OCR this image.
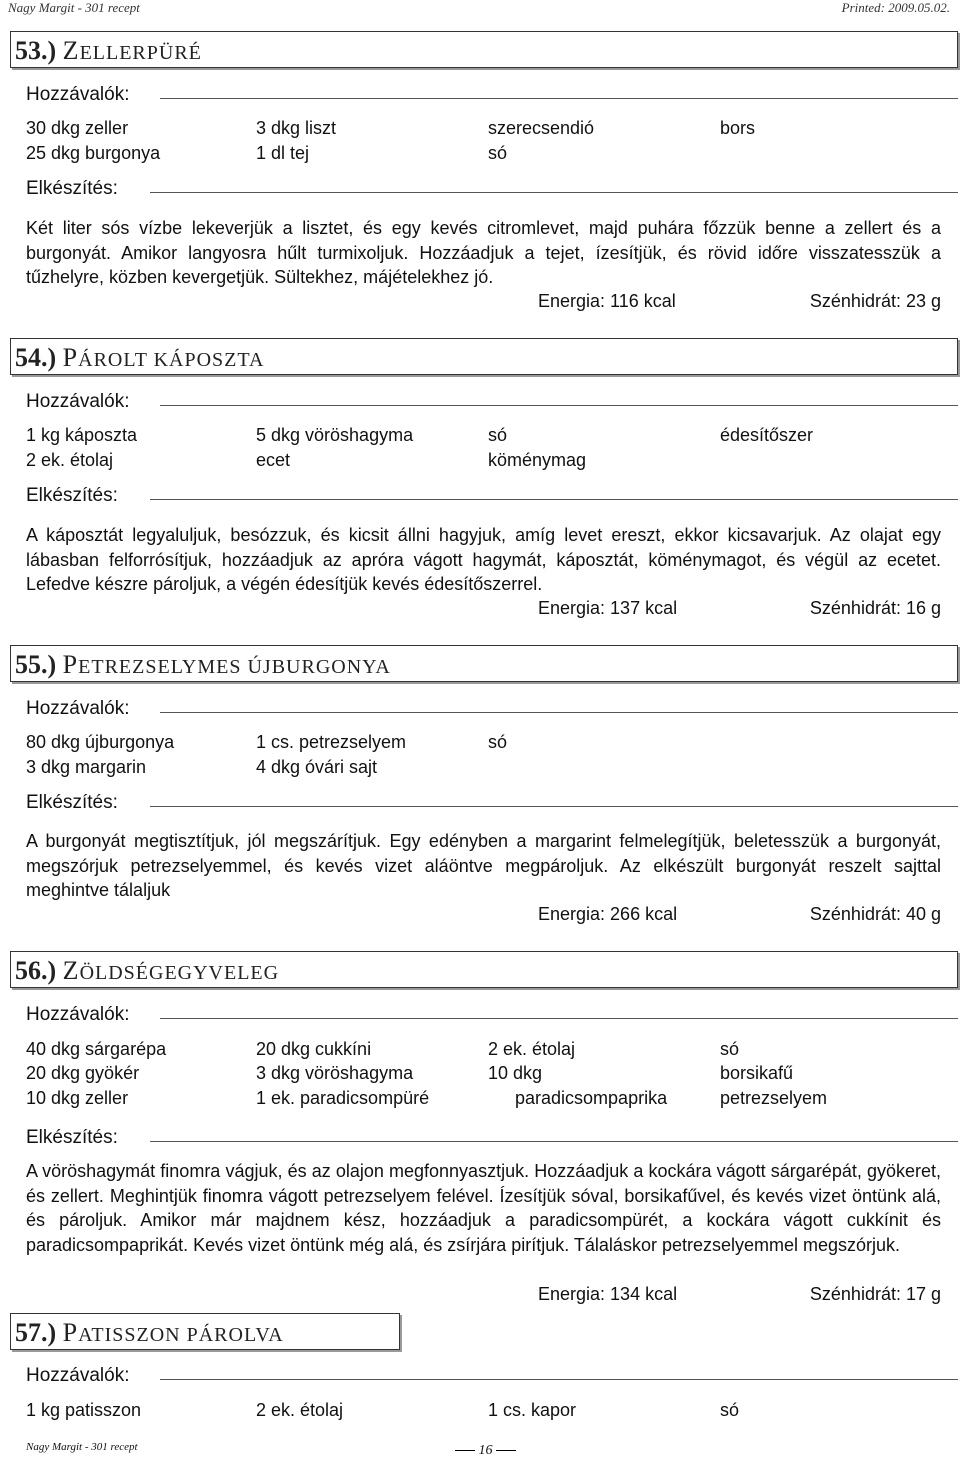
Nagy Margit - 301 recept	Printed: 2009.05.02.
53.) ZELLERPÜRÉ
Hozzávalók:
30 dkg zeller	3 dkg liszt	szerecsendió	bors
25 dkg burgonya	1 dl tej	só
Elkészítés:
Két liter sós vízbe lekeverjük a lisztet, és egy kevés citromlevet, majd puhára főzzük benne a zellert és a burgonyát. Amikor langyosra hűlt turmixoljuk. Hozzáadjuk a tejet, ízesítjük, és rövid időre visszatesszük a tűzhelyre, közben kevergetjük. Sültekhez, májételekhez jó.
Energia: 116 kcal	Szénhidrát: 23 g
54.) PÁROLT KÁPOSZTA
Hozzávalók:
1 kg káposzta	5 dkg vöröshagyma	só	édesítőszer
2 ek. étolaj	ecet	köménymag
Elkészítés:
A káposztát legyaluljuk, besózzuk, és kicsit állni hagyjuk, amíg levet ereszt, ekkor kicsavarjuk. Az olajat egy lábasban felforrósítjuk, hozzáadjuk az apróra vágott hagymát, káposztát, köménymagot, és végül az ecetet. Lefedve készre pároljuk, a végén édesítjük kevés édesítőszerrel.
Energia: 137 kcal	Szénhidrát: 16 g
55.) PETREZSELYMES ÚJBURGONYA
Hozzávalók:
80 dkg újburgonya	1 cs. petrezselyem	só
3 dkg margarin	4 dkg óvári sajt
Elkészítés:
A burgonyát megtisztítjuk, jól megszárítjuk. Egy edényben a margarint felmelegítjük, beletesszük a burgonyát, megszórjuk petrezselyemmel, és kevés vizet aláöntve megpároljuk. Az elkészült burgonyát reszelt sajttal meghintve tálaljuk
Energia: 266 kcal	Szénhidrát: 40 g
56.) ZÖLDSÉGEGYVELEG
Hozzávalók:
40 dkg sárgarépa	20 dkg cukkíni	2 ek. étolaj	só
20 dkg gyökér	3 dkg vöröshagyma	10 dkg	borsikafű
10 dkg zeller	1 ek. paradicsompüré	paradicsompaprika	petrezselyem
Elkészítés:
A vöröshagymát finomra vágjuk, és az olajon megfonnyasztjuk. Hozzáadjuk a kockára vágott sárgarépát, gyökeret, és zellert. Meghintjük finomra vágott petrezselyem felével. Ízesítjük sóval, borsikafűvel, és kevés vizet öntünk alá, és pároljuk. Amikor már majdnem kész, hozzáadjuk a paradicsompürét, a kockára vágott cukkínit és paradicsompaprikát. Kevés vizet öntünk még alá, és zsírjára pirítjuk. Tálaláskor petrezselyemmel megszórjuk.
Energia: 134 kcal	Szénhidrát: 17 g
57.) PATISSZON PÁROLVA
Hozzávalók:
1 kg patisszon	2 ek. étolaj	1 cs. kapor	só
Nagy Margit - 301 recept	16
